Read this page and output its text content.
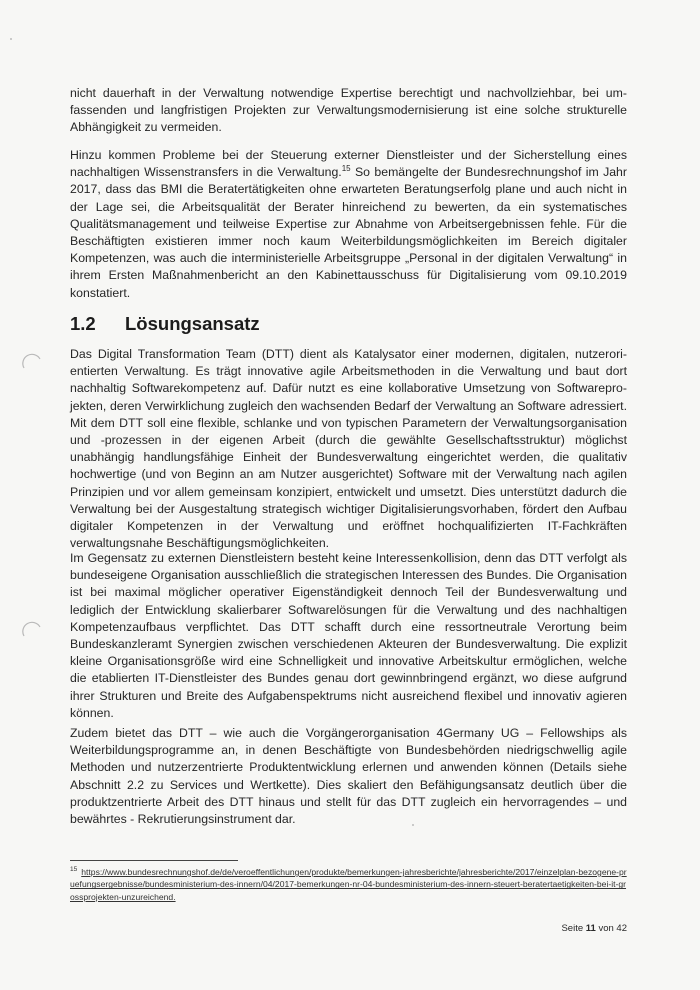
nicht dauerhaft in der Verwaltung notwendige Expertise berechtigt und nachvollziehbar, bei umfassenden und langfristigen Projekten zur Verwaltungsmodernisierung ist eine solche strukturelle Abhängigkeit zu vermeiden.

Hinzu kommen Probleme bei der Steuerung externer Dienstleister und der Sicherstellung eines nachhaltigen Wissenstransfers in die Verwaltung.$^{15}$ So bemängelte der Bundesrechnungshof im Jahr 2017, dass das BMI die Beratertätigkeiten ohne erwarteten Beratungserfolg plane und auch nicht in der Lage sei, die Arbeitsqualität der Berater hinreichend zu bewerten, da ein systematisches Qualitätsmanagement und teilweise Expertise zur Abnahme von Arbeitsergebnissen fehle. Für die Beschäftigten existieren immer noch kaum Weiterbildungsmöglichkeiten im Bereich digitaler Kompetenzen, was auch die interministerielle Arbeitsgruppe „Personal in der digitalen Verwaltung“ in ihrem Ersten Maßnahmenbericht an den Kabinettausschuss für Digitalisierung vom 09.10.2019 konstatiert.

1.2 Lösungsansatz

Das Digital Transformation Team (DTT) dient als Katalysator einer modernen, digitalen, nutzerorientierten Verwaltung. Es trägt innovative agile Arbeitsmethoden in die Verwaltung und baut dort nachhaltig Softwarekompetenz auf. Dafür nutzt es eine kollaborative Umsetzung von Softwareprojekten, deren Verwirklichung zugleich den wachsenden Bedarf der Verwaltung an Software adressiert. Mit dem DTT soll eine flexible, schlanke und von typischen Parametern der Verwaltungsorganisation und -prozessen in der eigenen Arbeit (durch die gewählte Gesellschaftsstruktur) möglichst unabhängig handlungsfähige Einheit der Bundesverwaltung eingerichtet werden, die qualitativ hochwertige (und von Beginn an am Nutzer ausgerichtet) Software mit der Verwaltung nach agilen Prinzipien und vor allem gemeinsam konzipiert, entwickelt und umsetzt. Dies unterstützt dadurch die Verwaltung bei der Ausgestaltung strategisch wichtiger Digitalisierungsvorhaben, fördert den Aufbau digitaler Kompetenzen in der Verwaltung und eröffnet hochqualifizierten IT-Fachkräften verwaltungsnahe Beschäftigungsmöglichkeiten.

Im Gegensatz zu externen Dienstleistern besteht keine Interessenkollision, denn das DTT verfolgt als bundeseigene Organisation ausschließlich die strategischen Interessen des Bundes. Die Organisation ist bei maximal möglicher operativer Eigenständigkeit dennoch Teil der Bundesverwaltung und lediglich der Entwicklung skalierbarer Softwarelösungen für die Verwaltung und des nachhaltigen Kompetenzaufbaus verpflichtet. Das DTT schafft durch eine ressortneutrale Verortung beim Bundeskanzleramt Synergien zwischen verschiedenen Akteuren der Bundesverwaltung. Die explizit kleine Organisationsgröße wird eine Schnelligkeit und innovative Arbeitskultur ermöglichen, welche die etablierten IT-Dienstleister des Bundes genau dort gewinnbringend ergänzt, wo diese aufgrund ihrer Strukturen und Breite des Aufgabenspektrums nicht ausreichend flexibel und innovativ agieren können.

Zudem bietet das DTT – wie auch die Vorgängerorganisation 4Germany UG – Fellowships als Weiterbildungsprogramme an, in denen Beschäftigte von Bundesbehörden niedrigschwellig agile Methoden und nutzerzentrierte Produktentwicklung erlernen und anwenden können (Details siehe Abschnitt 2.2 zu Services und Wertkette). Dies skaliert den Befähigungsansatz deutlich über die produktzentrierte Arbeit des DTT hinaus und stellt für das DTT zugleich ein hervorragendes – und bewährtes - Rekrutierungsinstrument dar.

$^{15}$ https://www.bundesrechnungshof.de/de/veroeffentlichungen/produkte/bemerkungen-jahresberichte/jahresberichte/2017/einzelplan-bezogene-pruefungsergebnisse/bundesministerium-des-innern/04/2017-bemerkungen-nr-04-bundesministerium-des-innern-steuert-beratertaetigkeiten-bei-it-grossprojekten-unzureichend.
Seite 11 von 42
